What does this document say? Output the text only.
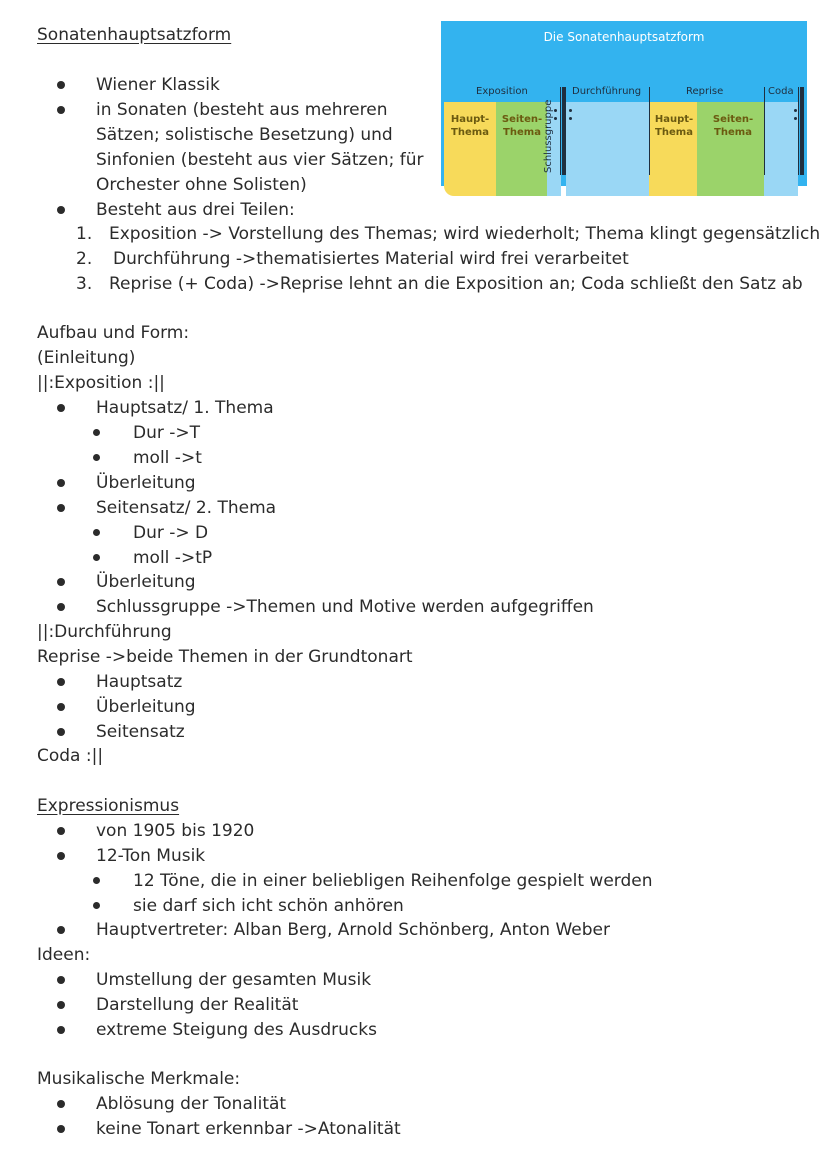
Sonatenhauptsatzform
Wiener Klassik
in Sonaten (besteht aus mehreren
Sätzen; solistische Besetzung) und
Sinfonien (besteht aus vier Sätzen; für
Orchester ohne Solisten)
Besteht aus drei Teilen:
1. Exposition -> Vorstellung des Themas; wird wiederholt; Thema klingt gegensätzlich
2. Durchführung ->thematisiertes Material wird frei verarbeitet
3. Reprise (+ Coda) ->Reprise lehnt an die Exposition an; Coda schließt den Satz ab
Die Sonatenhauptsatzform
Exposition	Durchführung	Reprise	Coda
Haupt-
Thema
Seiten-
Thema
Haupt-
Thema
Seiten-
Thema
Schlussgruppe
Aufbau und Form:
(Einleitung)
||:Exposition :||
Hauptsatz/ 1. Thema
Dur ->T
moll ->t
Überleitung
Seitensatz/ 2. Thema
Dur -> D
moll ->tP
Überleitung
Schlussgruppe ->Themen und Motive werden aufgegriffen
||:Durchführung
Reprise ->beide Themen in der Grundtonart
Hauptsatz
Überleitung
Seitensatz
Coda :||
Expressionismus
von 1905 bis 1920
12-Ton Musik
12 Töne, die in einer beliebligen Reihenfolge gespielt werden
sie darf sich icht schön anhören
Hauptvertreter: Alban Berg, Arnold Schönberg, Anton Weber
Ideen:
Umstellung der gesamten Musik
Darstellung der Realität
extreme Steigung des Ausdrucks
Musikalische Merkmale:
Ablösung der Tonalität
keine Tonart erkennbar ->Atonalität
